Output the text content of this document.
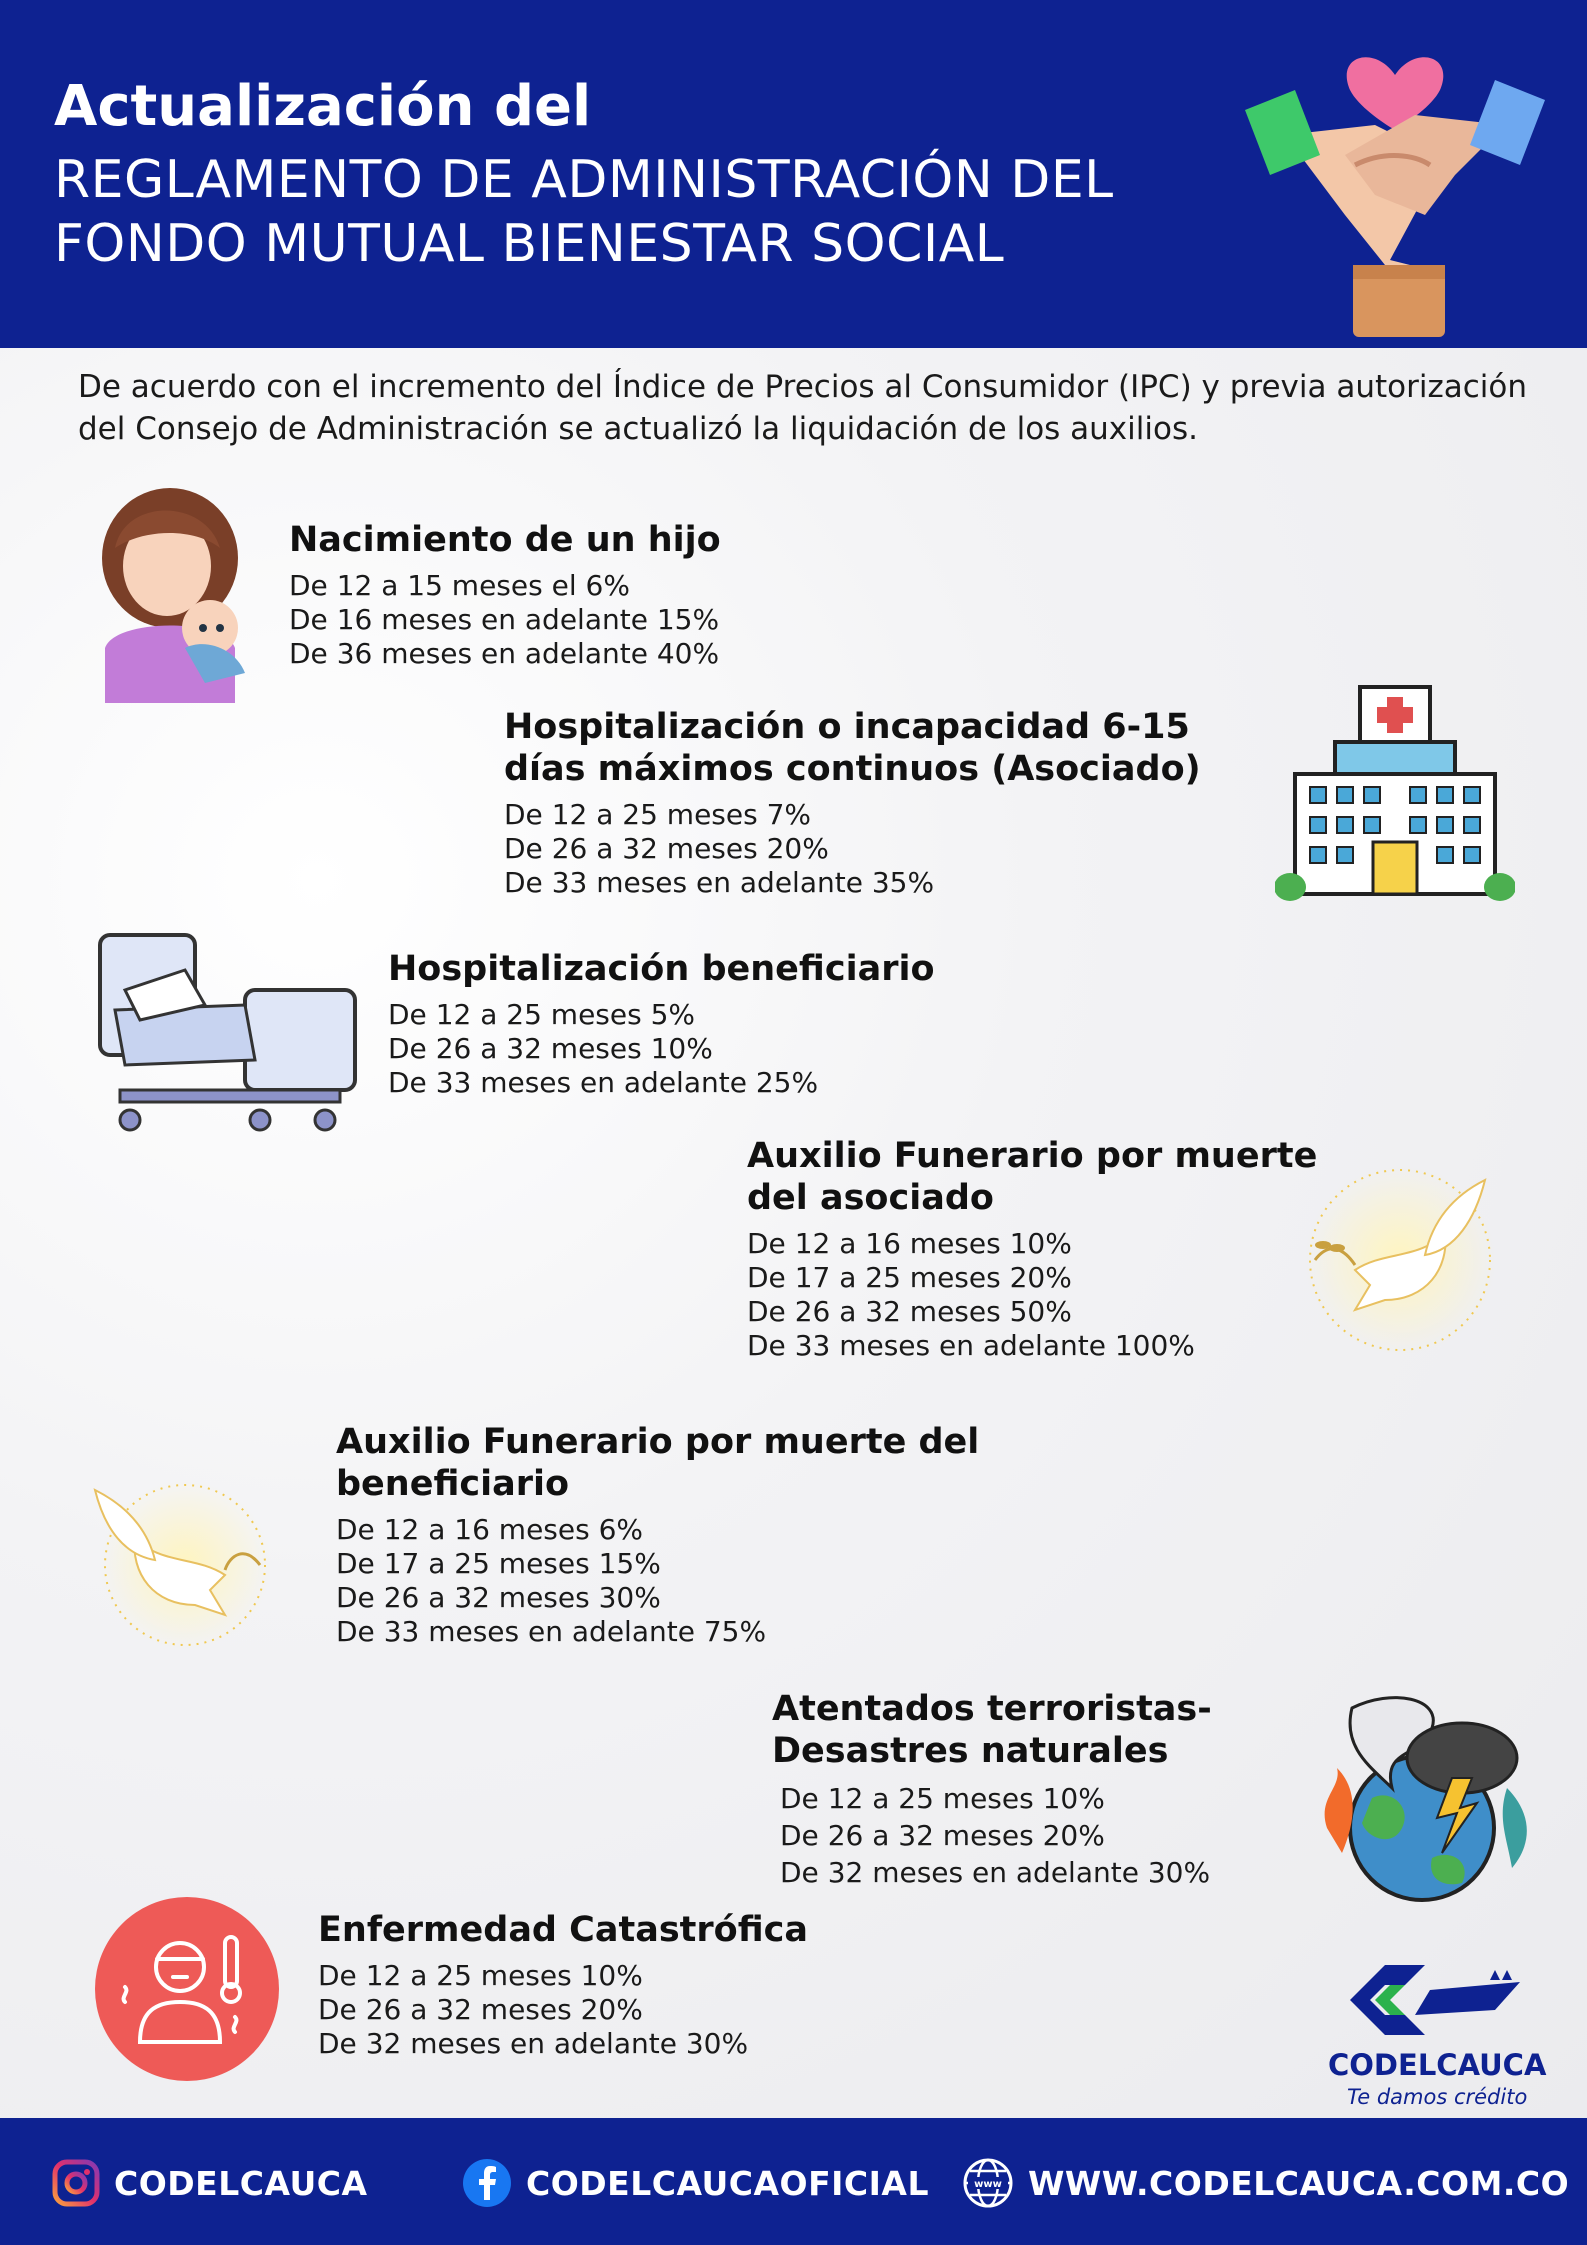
Actualización del
REGLAMENTO DE ADMINISTRACIÓN DEL
FONDO MUTUAL BIENESTAR SOCIAL
De acuerdo con el incremento del Índice de Precios al Consumidor (IPC) y previa autorización del Consejo de Administración se actualizó la liquidación de los auxilios.
Nacimiento de un hijo
De 12 a 15 meses el 6%
De 16 meses en adelante 15%
De 36 meses en adelante 40%
Hospitalización o incapacidad 6-15
días máximos continuos (Asociado)
De 12 a 25 meses 7%
De 26 a 32 meses 20%
De 33 meses en adelante 35%
Hospitalización beneficiario
De 12 a 25 meses 5%
De 26 a 32 meses 10%
De 33 meses en adelante 25%
Auxilio Funerario por muerte
del asociado
De 12 a 16 meses 10%
De 17 a 25 meses 20%
De 26 a 32 meses 50%
De 33 meses en adelante 100%
Auxilio Funerario por muerte del
beneficiario
De 12 a 16 meses 6%
De 17 a 25 meses 15%
De 26 a 32 meses 30%
De 33 meses en adelante 75%
Atentados terroristas-
Desastres naturales
De 12 a 25 meses 10%
De 26 a 32 meses 20%
De 32 meses en adelante 30%
Enfermedad Catastrófica
De 12 a 25 meses 10%
De 26 a 32 meses 20%
De 32 meses en adelante 30%
CODELCAUCA
Te damos crédito
CODELCAUCA	CODELCAUCAOFICIAL	www WWW.CODELCAUCA.COM.CO
